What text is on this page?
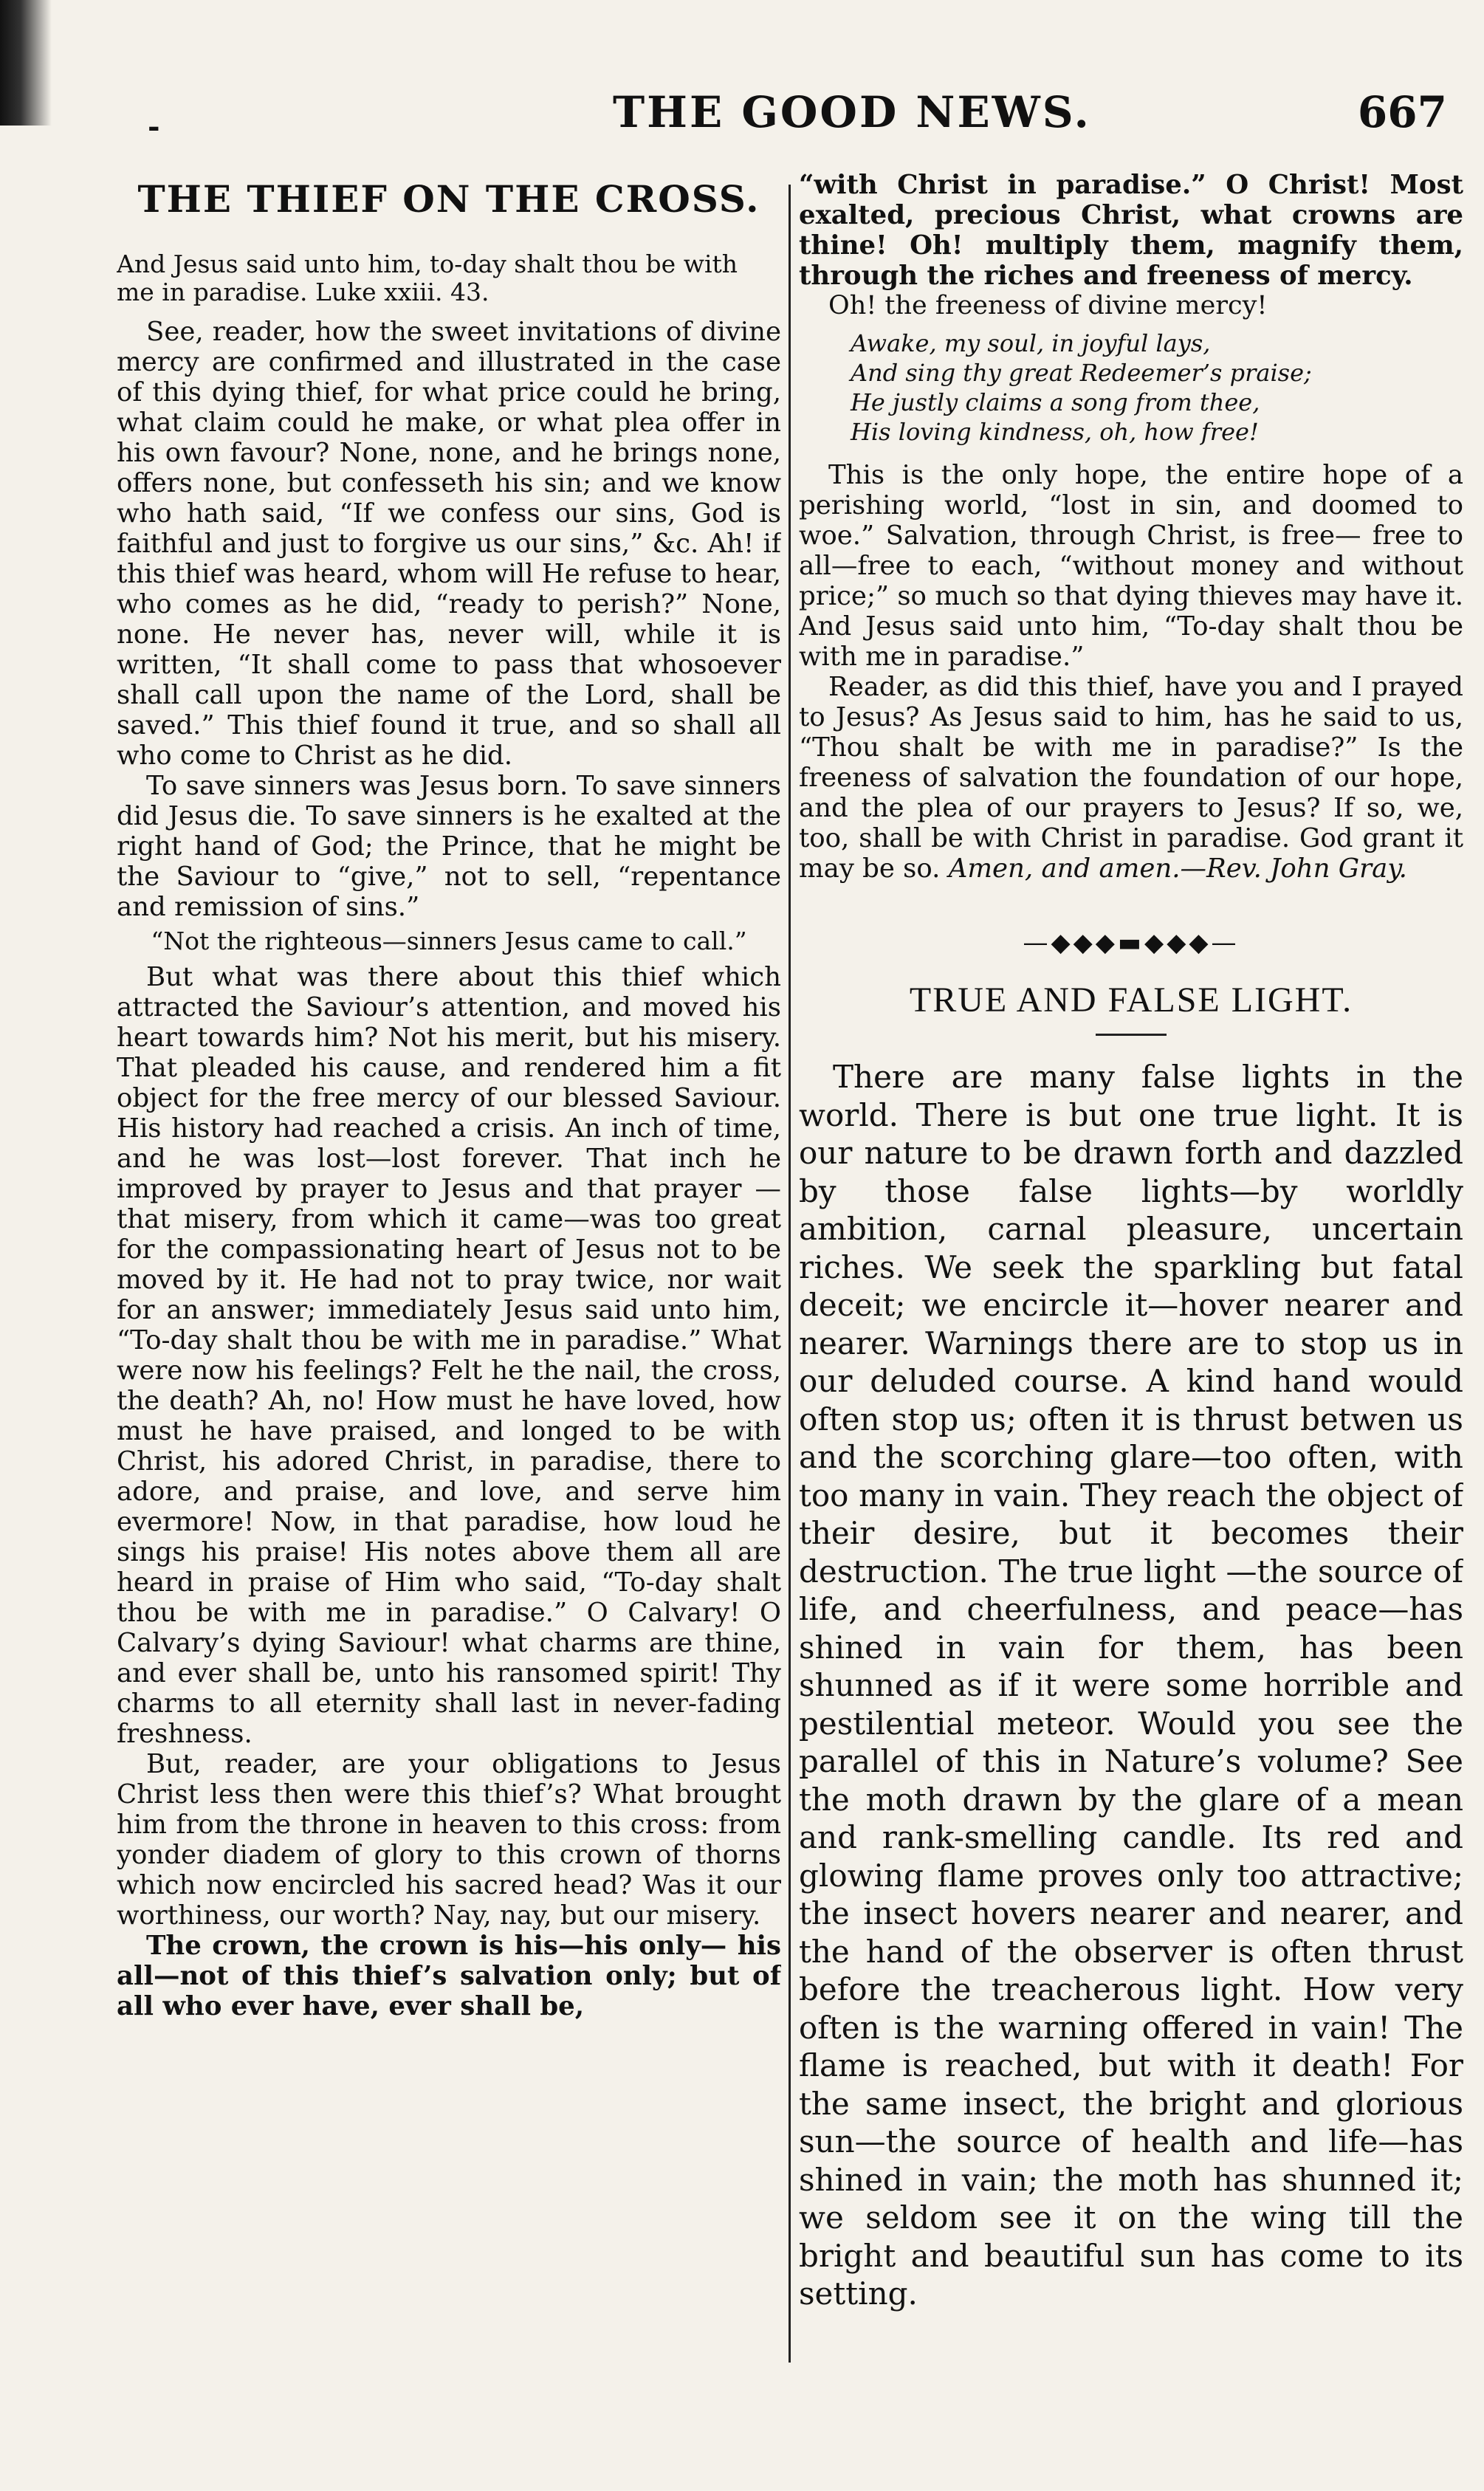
-	THE GOOD NEWS.	667
THE THIEF ON THE CROSS.

And Jesus said unto him, to-day shalt thou be with me in paradise. Luke xxiii. 43.

See, reader, how the sweet invitations of divine mercy are confirmed and illustrated in the case of this dying thief, for what price could he bring, what claim could he make, or what plea offer in his own favour? None, none, and he brings none, offers none, but confesseth his sin; and we know who hath said, “If we confess our sins, God is faithful and just to forgive us our sins,” &c. Ah! if this thief was heard, whom will He refuse to hear, who comes as he did, “ready to perish?” None, none. He never has, never will, while it is written, “It shall come to pass that whosoever shall call upon the name of the Lord, shall be saved.” This thief found it true, and so shall all who come to Christ as he did.

To save sinners was Jesus born. To save sinners did Jesus die. To save sinners is he exalted at the right hand of God; the Prince, that he might be the Saviour to “give,” not to sell, “repentance and remission of sins.”

“Not the righteous—sinners Jesus came to call.”

But what was there about this thief which attracted the Saviour’s attention, and moved his heart towards him? Not his merit, but his misery. That pleaded his cause, and rendered him a fit object for the free mercy of our blessed Saviour. His history had reached a crisis. An inch of time, and he was lost—lost forever. That inch he improved by prayer to Jesus and that prayer —that misery, from which it came—was too great for the compassionating heart of Jesus not to be moved by it. He had not to pray twice, nor wait for an answer; immediately Jesus said unto him, “To-day shalt thou be with me in paradise.” What were now his feelings? Felt he the nail, the cross, the death? Ah, no! How must he have loved, how must he have praised, and longed to be with Christ, his adored Christ, in paradise, there to adore, and praise, and love, and serve him evermore! Now, in that paradise, how loud he sings his praise! His notes above them all are heard in praise of Him who said, “To-day shalt thou be with me in paradise.” O Calvary! O Calvary’s dying Saviour! what charms are thine, and ever shall be, unto his ransomed spirit! Thy charms to all eternity shall last in never-fading freshness.

But, reader, are your obligations to Jesus Christ less then were this thief’s? What brought him from the throne in heaven to this cross: from yonder diadem of glory to this crown of thorns which now encircled his sacred head? Was it our worthiness, our worth? Nay, nay, but our misery.

The crown, the crown is his—his only— his all—not of this thief’s salvation only; but of all who ever have, ever shall be,

“with Christ in paradise.” O Christ! Most exalted, precious Christ, what crowns are thine! Oh! multiply them, magnify them, through the riches and freeness of mercy.

Oh! the freeness of divine mercy!

Awake, my soul, in joyful lays,
And sing thy great Redeemer’s praise;
He justly claims a song from thee,
His loving kindness, oh, how free!

This is the only hope, the entire hope of a perishing world, “lost in sin, and doomed to woe.” Salvation, through Christ, is free— free to all—free to each, “without money and without price;” so much so that dying thieves may have it. And Jesus said unto him, “To-day shalt thou be with me in paradise.”

Reader, as did this thief, have you and I prayed to Jesus? As Jesus said to him, has he said to us, “Thou shalt be with me in paradise?” Is the freeness of salvation the foundation of our hope, and the plea of our prayers to Jesus? If so, we, too, shall be with Christ in paradise. God grant it may be so. Amen, and amen.—Rev. John Gray.

—◆◆◆▬◆◆◆—
TRUE AND FALSE LIGHT.

There are many false lights in the world. There is but one true light. It is our nature to be drawn forth and dazzled by those false lights—by worldly ambition, carnal pleasure, uncertain riches. We seek the sparkling but fatal deceit; we encircle it—hover nearer and nearer. Warnings there are to stop us in our deluded course. A kind hand would often stop us; often it is thrust betwen us and the scorching glare—too often, with too many in vain. They reach the object of their desire, but it becomes their destruction. The true light —the source of life, and cheerfulness, and peace—has shined in vain for them, has been shunned as if it were some horrible and pestilential meteor. Would you see the parallel of this in Nature’s volume? See the moth drawn by the glare of a mean and rank-smelling candle. Its red and glowing flame proves only too attractive; the insect hovers nearer and nearer, and the hand of the observer is often thrust before the treacherous light. How very often is the warning offered in vain! The flame is reached, but with it death! For the same insect, the bright and glorious sun—the source of health and life—has shined in vain; the moth has shunned it; we seldom see it on the wing till the bright and beautiful sun has come to its setting.
